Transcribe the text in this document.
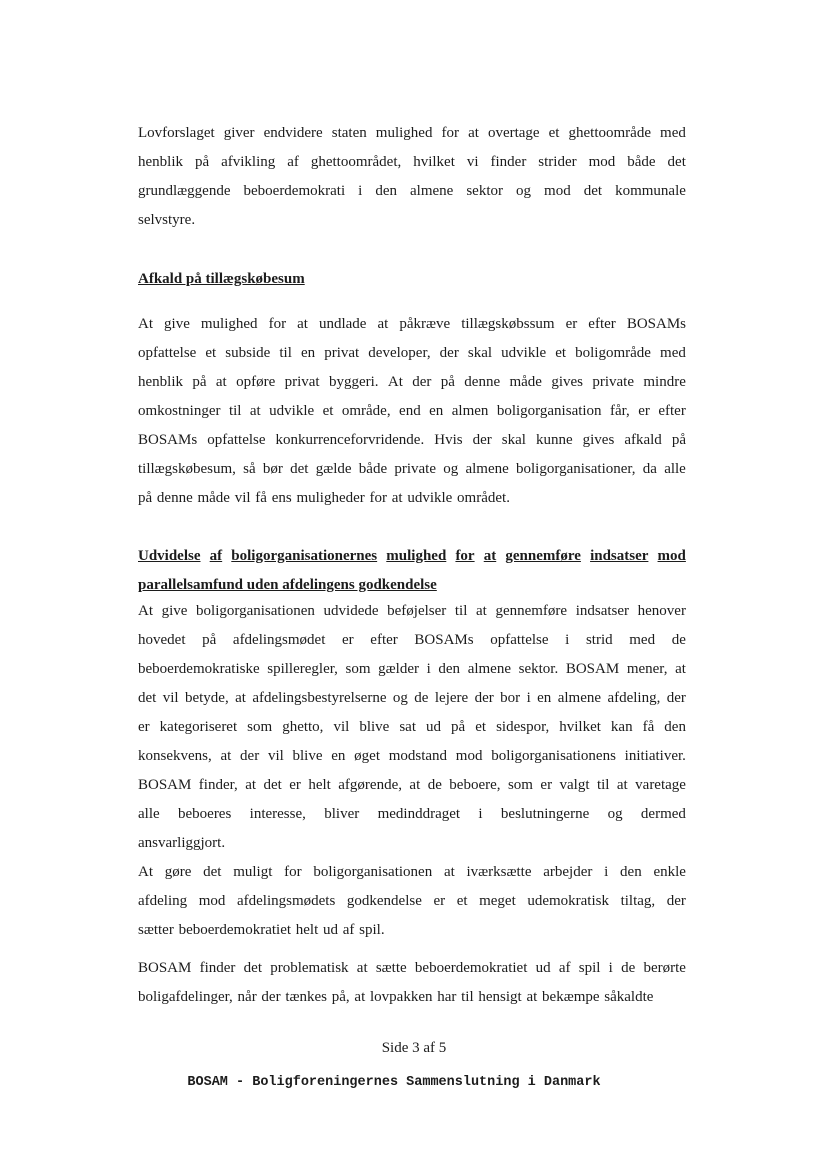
Lovforslaget giver endvidere staten mulighed for at overtage et ghettoområde med
henblik på afvikling af ghettoområdet, hvilket vi finder strider mod både det
grundlæggende beboerdemokrati i den almene sektor og mod det kommunale
selvstyre.
Afkald på tillægskøbesum
At give mulighed for at undlade at påkræve tillægskøbssum er efter BOSAMs
opfattelse et subside til en privat developer, der skal udvikle et boligområde med
henblik på at opføre privat byggeri. At der på denne måde gives private mindre
omkostninger til at udvikle et område, end en almen boligorganisation får, er efter
BOSAMs opfattelse konkurrenceforvridende. Hvis der skal kunne gives afkald på
tillægskøbesum, så bør det gælde både private og almene boligorganisationer, da alle
på denne måde vil få ens muligheder for at udvikle området.
Udvidelse af boligorganisationernes mulighed for at gennemføre indsatser mod
parallelsamfund uden afdelingens godkendelse
At give boligorganisationen udvidede beføjelser til at gennemføre indsatser henover
hovedet på afdelingsmødet er efter BOSAMs opfattelse i strid med de
beboerdemokratiske spilleregler, som gælder i den almene sektor. BOSAM mener, at
det vil betyde, at afdelingsbestyrelserne og de lejere der bor i en almene afdeling, der
er kategoriseret som ghetto, vil blive sat ud på et sidespor, hvilket kan få den
konsekvens, at der vil blive en øget modstand mod boligorganisationens initiativer.
BOSAM finder, at det er helt afgørende, at de beboere, som er valgt til at varetage
alle beboeres interesse, bliver medinddraget i beslutningerne og dermed
ansvarliggjort.
At gøre det muligt for boligorganisationen at iværksætte arbejder i den enkle
afdeling mod afdelingsmødets godkendelse er et meget udemokratisk tiltag, der
sætter beboerdemokratiet helt ud af spil.
BOSAM finder det problematisk at sætte beboerdemokratiet ud af spil i de berørte
boligafdelinger, når der tænkes på, at lovpakken har til hensigt at bekæmpe såkaldte
Side 3 af 5
BOSAM - Boligforeningernes Sammenslutning i Danmark
